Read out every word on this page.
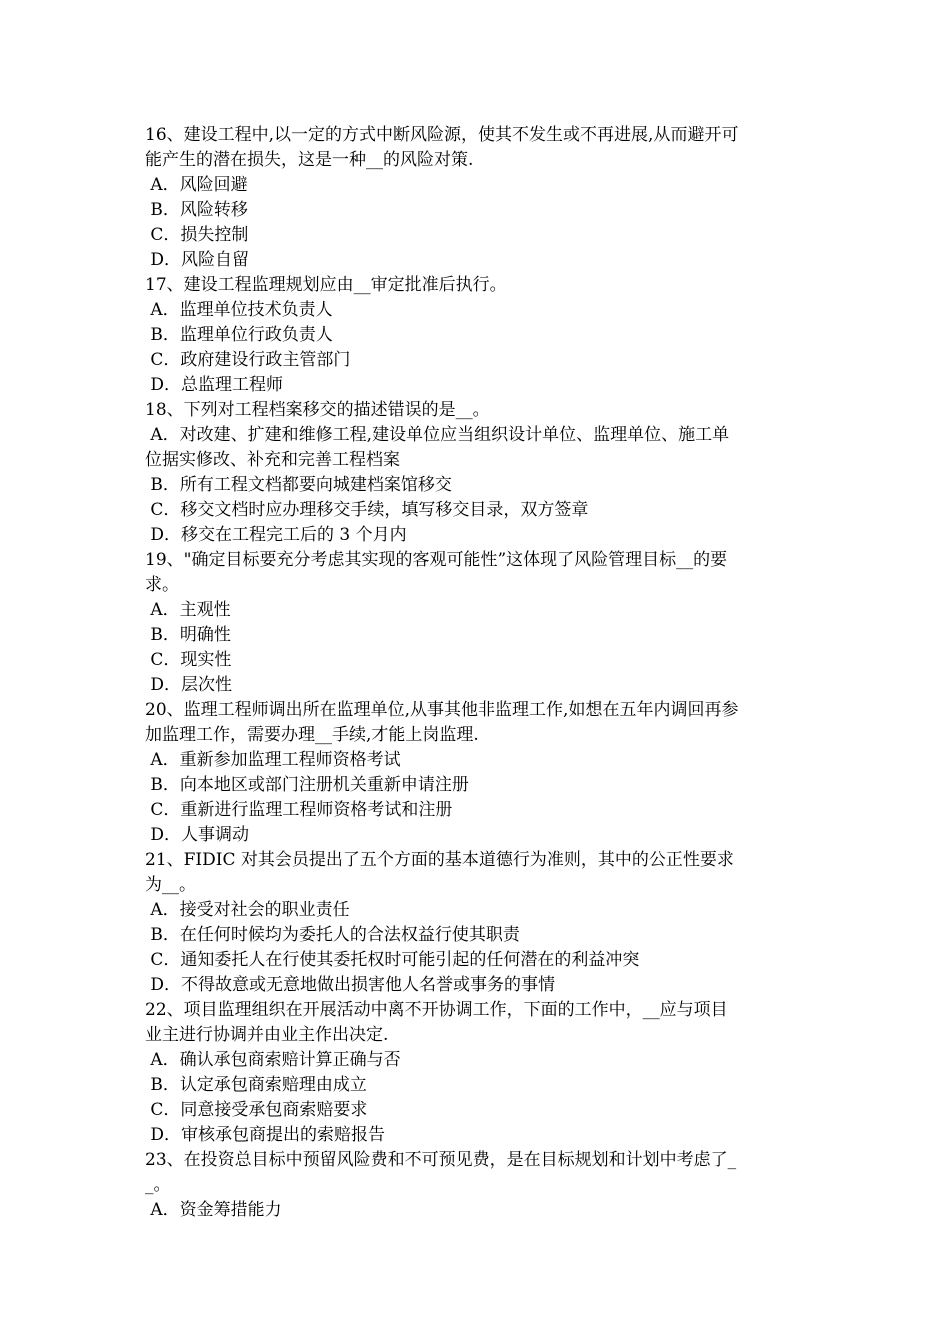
16、建设工程中,以一定的方式中断风险源，使其不发生或不再进展,从而避开可
能产生的潜在损失，这是一种__的风险对策.
A．风险回避
B．风险转移
C．损失控制
D．风险自留
17、建设工程监理规划应由__审定批准后执行。
A．监理单位技术负责人
B．监理单位行政负责人
C．政府建设行政主管部门
D．总监理工程师
18、下列对工程档案移交的描述错误的是__。
A．对改建、扩建和维修工程,建设单位应当组织设计单位、监理单位、施工单
位据实修改、补充和完善工程档案
B．所有工程文档都要向城建档案馆移交
C．移交文档时应办理移交手续，填写移交目录，双方签章
D．移交在工程完工后的 3 个月内
19、"确定目标要充分考虑其实现的客观可能性”这体现了风险管理目标__的要
求。
A．主观性
B．明确性
C．现实性
D．层次性
20、监理工程师调出所在监理单位,从事其他非监理工作,如想在五年内调回再参
加监理工作，需要办理__手续,才能上岗监理.
A．重新参加监理工程师资格考试
B．向本地区或部门注册机关重新申请注册
C．重新进行监理工程师资格考试和注册
D．人事调动
21、FIDIC 对其会员提出了五个方面的基本道德行为准则，其中的公正性要求
为__。
A．接受对社会的职业责任
B．在任何时候均为委托人的合法权益行使其职责
C．通知委托人在行使其委托权时可能引起的任何潜在的利益冲突
D．不得故意或无意地做出损害他人名誉或事务的事情
22、项目监理组织在开展活动中离不开协调工作，下面的工作中，__应与项目
业主进行协调并由业主作出决定.
A．确认承包商索赔计算正确与否
B．认定承包商索赔理由成立
C．同意接受承包商索赔要求
D．审核承包商提出的索赔报告
23、在投资总目标中预留风险费和不可预见费，是在目标规划和计划中考虑了_
_。
A．资金筹措能力
